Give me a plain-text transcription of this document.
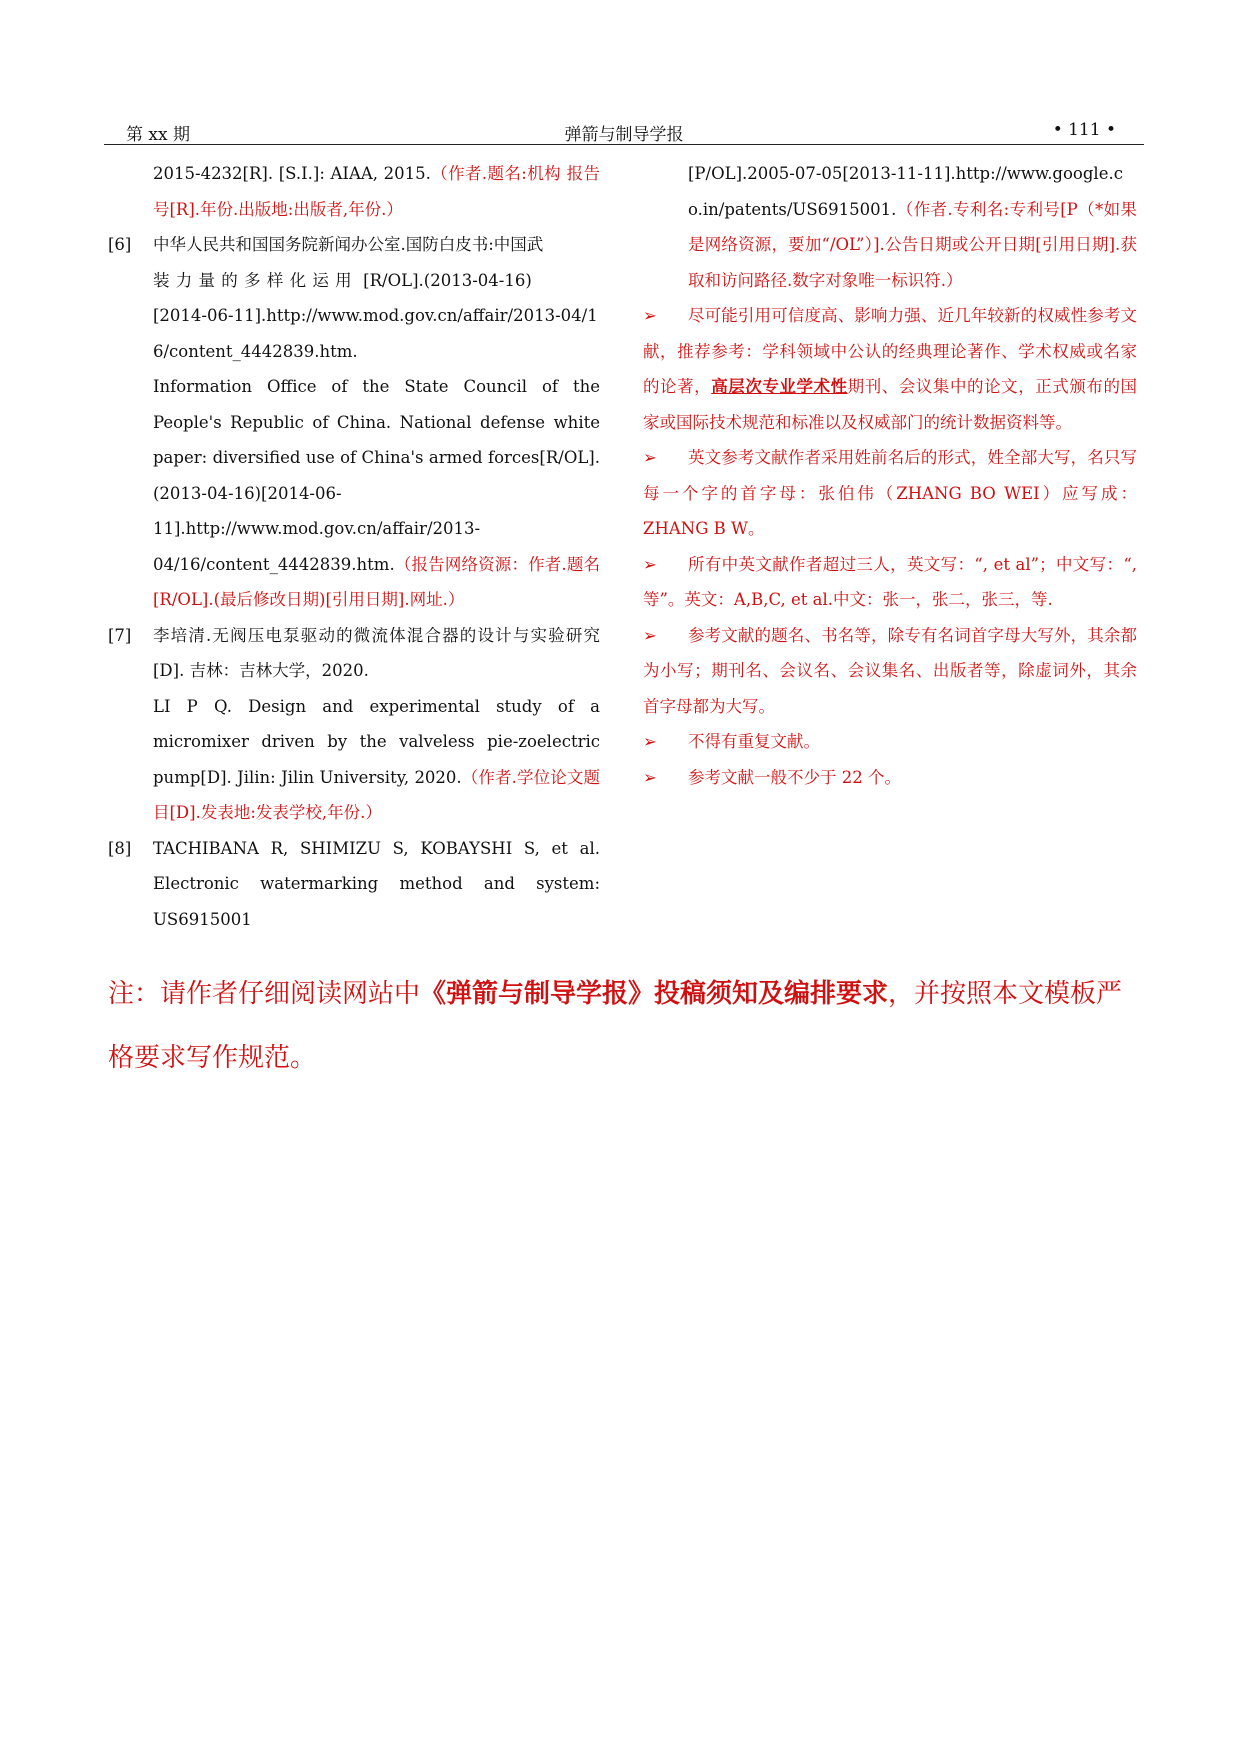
第 xx 期	弹箭与制导学报	• 111 •

2015-4232[R]. [S.I.]: AIAA, 2015.（作者.题名:机构 报告号[R].年份.出版地:出版者,年份.）

[6] 中华人民共和国国务院新闻办公室.国防白皮书:中国武
装力量的多样化运用 [R/OL].(2013-04-16)
[2014-06-11].http://www.mod.gov.cn/affair/2013-04/16/content_4442839.htm.

Information Office of the State Council of the People's Republic of China. National defense white paper: diversified use of China's armed forces[R/OL].(2013-04-16)[2014-06-11].http://www.mod.gov.cn/affair/2013-04/16/content_4442839.htm.（报告网络资源：作者.题名[R/OL].(最后修改日期)[引用日期].网址.）

[7] 李培清.无阀压电泵驱动的微流体混合器的设计与实验研究[D]. 吉林：吉林大学，2020.

LI P Q. Design and experimental study of a micromixer driven by the valveless pie-zoelectric pump[D]. Jilin: Jilin University, 2020.（作者.学位论文题目[D].发表地:发表学校,年份.）

[8] TACHIBANA R, SHIMIZU S, KOBAYSHI S, et al. Electronic watermarking method and system: US6915001

[P/OL].2005-07-05[2013-11-11].http://www.google.co.in/patents/US6915001.（作者.专利名:专利号[P（*如果是网络资源，要加“/OL”）].公告日期或公开日期[引用日期].获取和访问路径.数字对象唯一标识符.）

➢	尽可能引用可信度高、影响力强、近几年较新的权威性参考文献，推荐参考：学科领域中公认的经典理论著作、学术权威或名家的论著，高层次专业学术性期刊、会议集中的论文，正式颁布的国家或国际技术规范和标准以及权威部门的统计数据资料等。
➢	英文参考文献作者采用姓前名后的形式，姓全部大写，名只写每一个字的首字母：张伯伟（ZHANG BO WEI）应写成：ZHANG B W。
➢	所有中英文献作者超过三人，英文写：“, et al”；中文写：“, 等”。英文：A,B,C, et al.中文：张一，张二，张三，等.
➢	参考文献的题名、书名等，除专有名词首字母大写外，其余都为小写；期刊名、会议名、会议集名、出版者等，除虚词外，其余首字母都为大写。
➢	不得有重复文献。
➢	参考文献一般不少于 22 个。
注：请作者仔细阅读网站中《弹箭与制导学报》投稿须知及编排要求，并按照本文模板严格要求写作规范。
